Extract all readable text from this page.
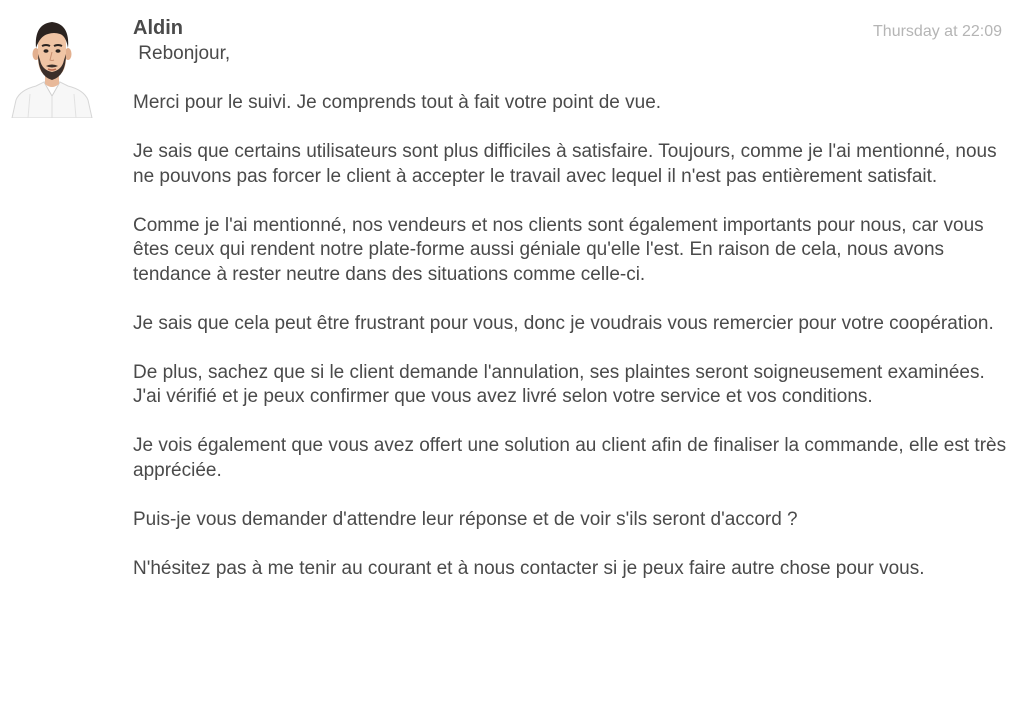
Aldin	Thursday at 22:09

Rebonjour,

Merci pour le suivi. Je comprends tout à fait votre point de vue.

Je sais que certains utilisateurs sont plus difficiles à satisfaire. Toujours, comme je l'ai mentionné, nous ne pouvons pas forcer le client à accepter le travail avec lequel il n'est pas entièrement satisfait.

Comme je l'ai mentionné, nos vendeurs et nos clients sont également importants pour nous, car vous êtes ceux qui rendent notre plate-forme aussi géniale qu'elle l'est. En raison de cela, nous avons tendance à rester neutre dans des situations comme celle-ci.

Je sais que cela peut être frustrant pour vous, donc je voudrais vous remercier pour votre coopération.

De plus, sachez que si le client demande l'annulation, ses plaintes seront soigneusement examinées. J'ai vérifié et je peux confirmer que vous avez livré selon votre service et vos conditions.

Je vois également que vous avez offert une solution au client afin de finaliser la commande, elle est très appréciée.

Puis-je vous demander d'attendre leur réponse et de voir s'ils seront d'accord ?

N'hésitez pas à me tenir au courant et à nous contacter si je peux faire autre chose pour vous.
